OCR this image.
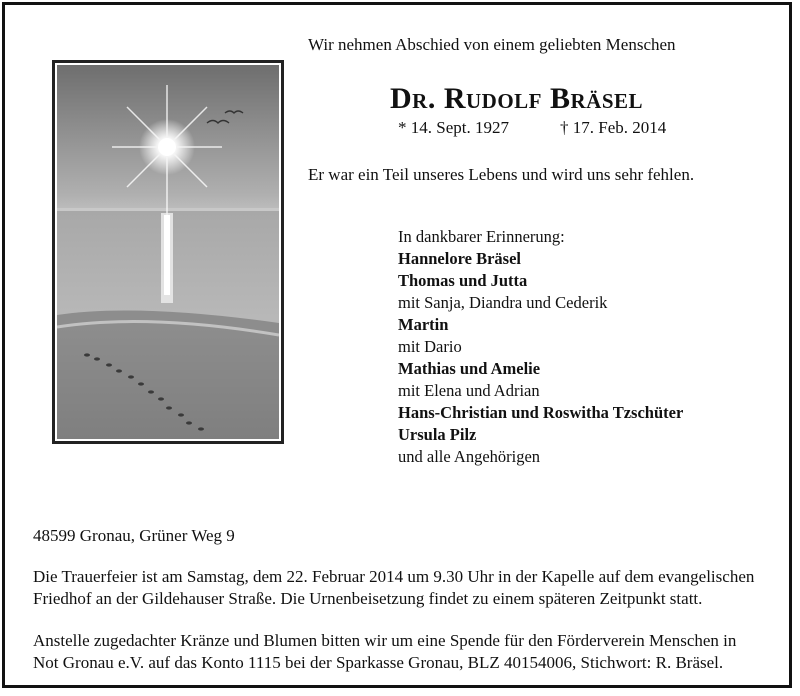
Wir nehmen Abschied von einem geliebten Menschen
Dr. Rudolf Bräsel
* 14. Sept. 1927	† 17. Feb. 2014
Er war ein Teil unseres Lebens und wird uns sehr fehlen.
In dankbarer Erinnerung:
Hannelore Bräsel
Thomas und Jutta
mit Sanja, Diandra und Cederik
Martin
mit Dario
Mathias und Amelie
mit Elena und Adrian
Hans-Christian und Roswitha Tzschüter
Ursula Pilz
und alle Angehörigen
48599 Gronau, Grüner Weg 9
Die Trauerfeier ist am Samstag, dem 22. Februar 2014 um 9.30 Uhr in der Kapelle auf dem evangelischen
Friedhof an der Gildehauser Straße. Die Urnenbeisetzung findet zu einem späteren Zeitpunkt statt.
Anstelle zugedachter Kränze und Blumen bitten wir um eine Spende für den Förderverein Menschen in
Not Gronau e.V. auf das Konto 1115 bei der Sparkasse Gronau, BLZ 40154006, Stichwort: R. Bräsel.
